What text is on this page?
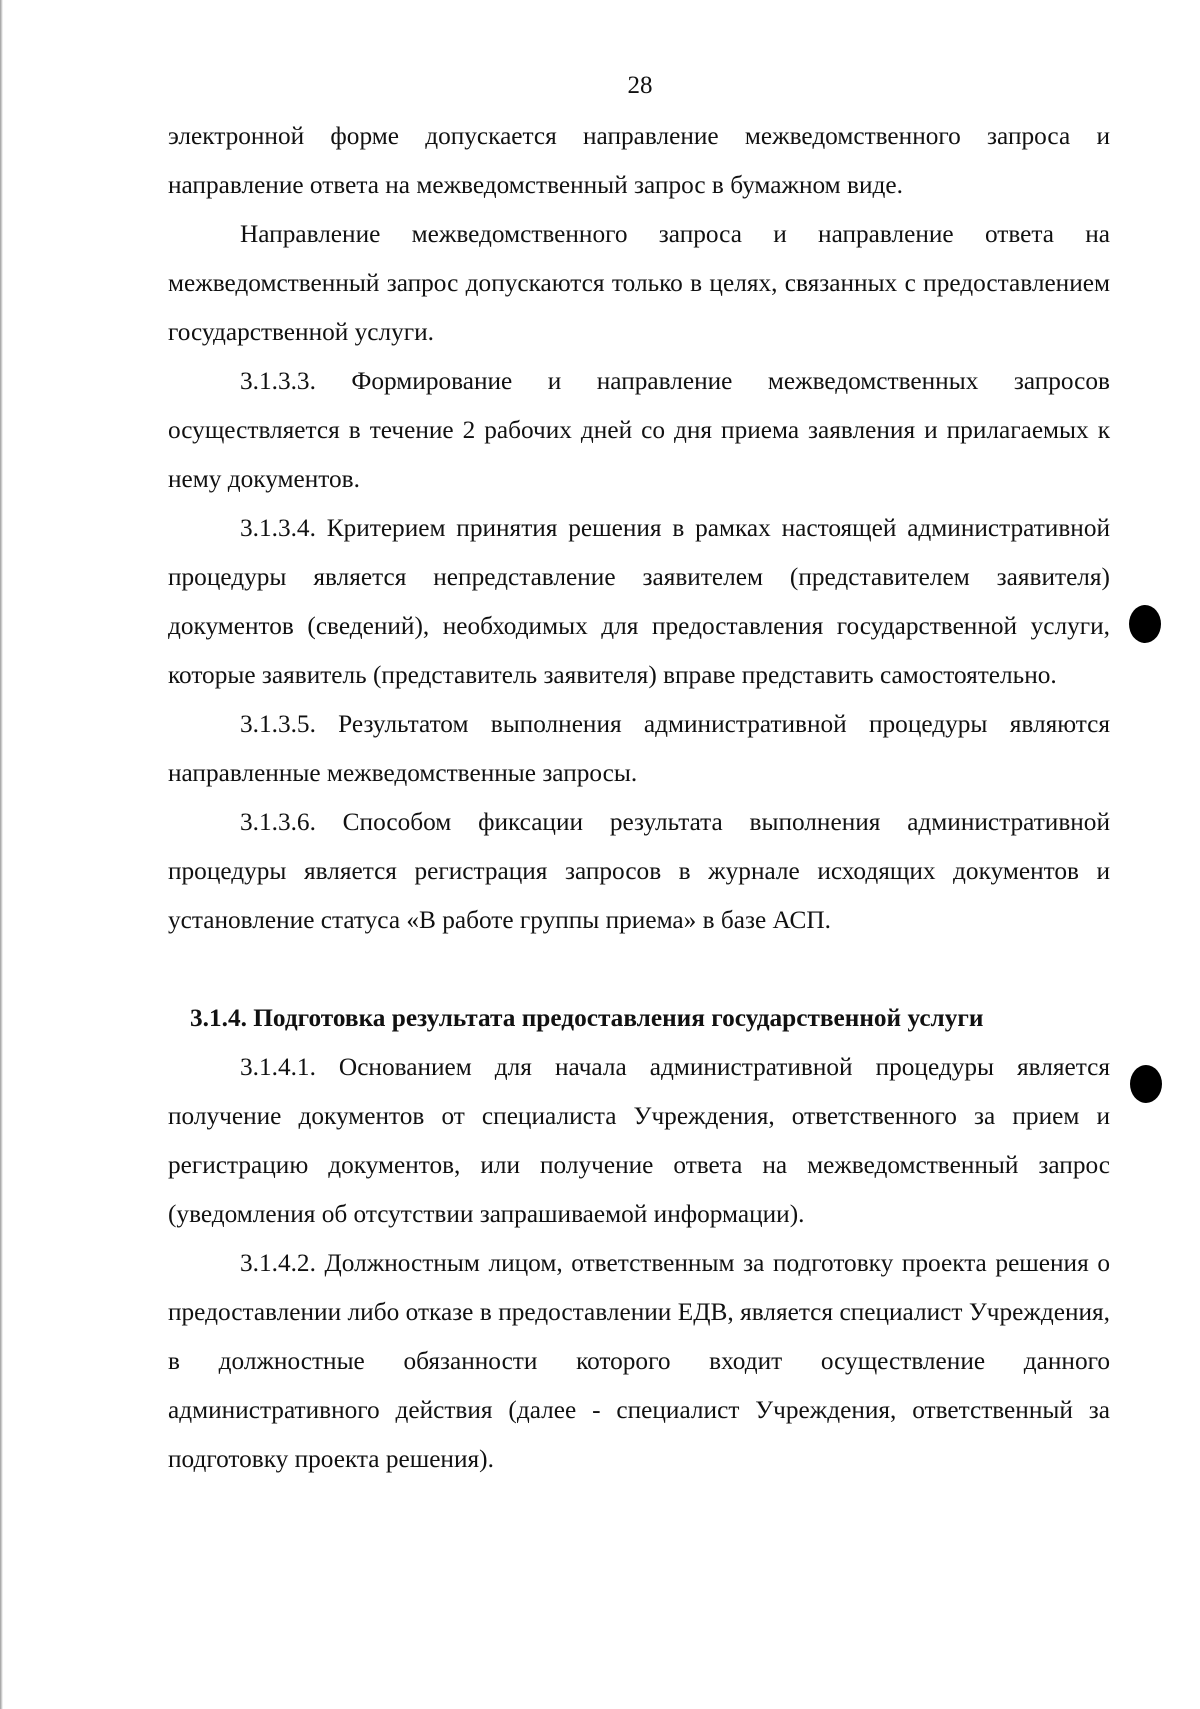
28

электронной форме допускается направление межведомственного запроса и направление ответа на межведомственный запрос в бумажном виде.

Направление межведомственного запроса и направление ответа на межведомственный запрос допускаются только в целях, связанных с предоставлением государственной услуги.

3.1.3.3. Формирование и направление межведомственных запросов осуществляется в течение 2 рабочих дней со дня приема заявления и прилагаемых к нему документов.

3.1.3.4. Критерием принятия решения в рамках настоящей административной процедуры является непредставление заявителем (представителем заявителя) документов (сведений), необходимых для предоставления государственной услуги, которые заявитель (представитель заявителя) вправе представить самостоятельно.

3.1.3.5. Результатом выполнения административной процедуры являются направленные межведомственные запросы.

3.1.3.6. Способом фиксации результата выполнения административной процедуры является регистрация запросов в журнале исходящих документов и установление статуса «В работе группы приема» в базе АСП.

3.1.4. Подготовка результата предоставления государственной услуги

3.1.4.1. Основанием для начала административной процедуры является получение документов от специалиста Учреждения, ответственного за прием и регистрацию документов, или получение ответа на межведомственный запрос (уведомления об отсутствии запрашиваемой информации).

3.1.4.2. Должностным лицом, ответственным за подготовку проекта решения о предоставлении либо отказе в предоставлении ЕДВ, является специалист Учреждения, в должностные обязанности которого входит осуществление данного административного действия (далее - специалист Учреждения, ответственный за подготовку проекта решения).
